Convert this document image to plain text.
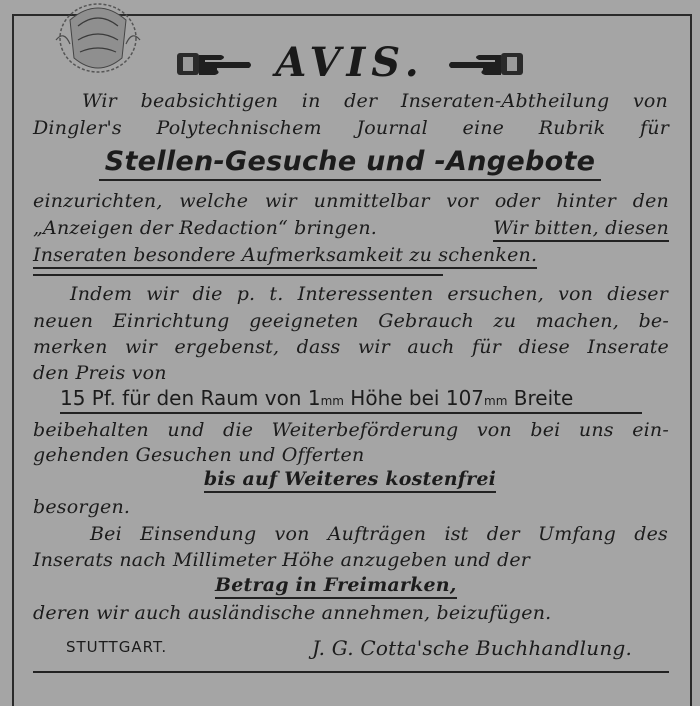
AVIS.
Wir beabsichtigen in der Inseraten-Abtheilung von
Dingler's Polytechnischem Journal eine Rubrik für
Stellen-Gesuche und -Angebote
einzurichten, welche wir unmittelbar vor oder hinter den
„Anzeigen der Redaction“ bringen.	Wir bitten, diesen
Inseraten besondere Aufmerksamkeit zu schenken.
Indem wir die p. t. Interessenten ersuchen, von dieser
neuen Einrichtung geeigneten Gebrauch zu machen, be-
merken wir ergebenst, dass wir auch für diese Inserate
den Preis von
15 Pf. für den Raum von 1mm Höhe bei 107mm Breite
beibehalten und die Weiterbeförderung von bei uns ein-
gehenden Gesuchen und Offerten
bis auf Weiteres kostenfrei
besorgen.
Bei Einsendung von Aufträgen ist der Umfang des
Inserats nach Millimeter Höhe anzugeben und der
Betrag in Freimarken,
deren wir auch ausländische annehmen, beizufügen.
STUTTGART.	J. G. Cotta'sche Buchhandlung.
